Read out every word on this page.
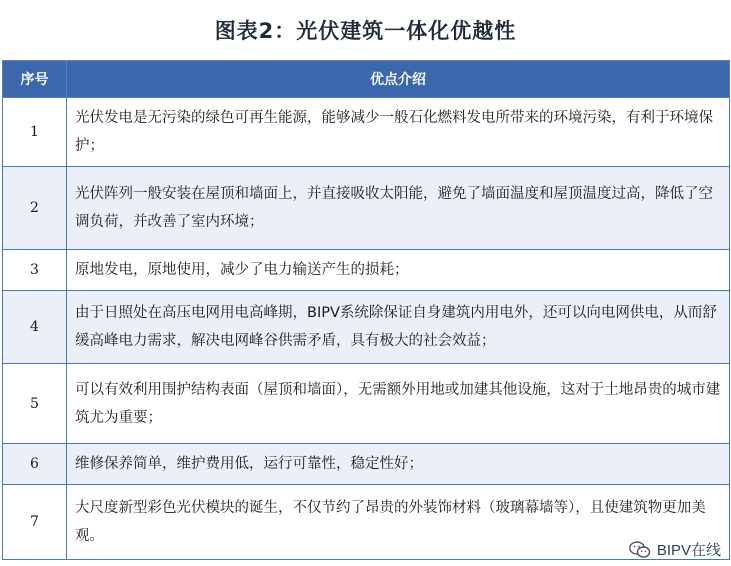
图表2：光伏建筑一体化优越性
序号	优点介绍
1	光伏发电是无污染的绿色可再生能源，能够减少一般石化燃料发电所带来的环境污染，有利于环境保护；
2	光伏阵列一般安装在屋顶和墙面上，并直接吸收太阳能，避免了墙面温度和屋顶温度过高，降低了空调负荷，并改善了室内环境；
3	原地发电，原地使用，减少了电力输送产生的损耗；
4	由于日照处在高压电网用电高峰期，BIPV系统除保证自身建筑内用电外，还可以向电网供电，从而舒缓高峰电力需求，解决电网峰谷供需矛盾，具有极大的社会效益；
5	可以有效利用围护结构表面（屋顶和墙面），无需额外用地或加建其他设施，这对于土地昂贵的城市建筑尤为重要；
6	维修保养简单，维护费用低，运行可靠性，稳定性好；
7	大尺度新型彩色光伏模块的诞生，不仅节约了昂贵的外装饰材料（玻璃幕墙等），且使建筑物更加美观。
BIPV在线
